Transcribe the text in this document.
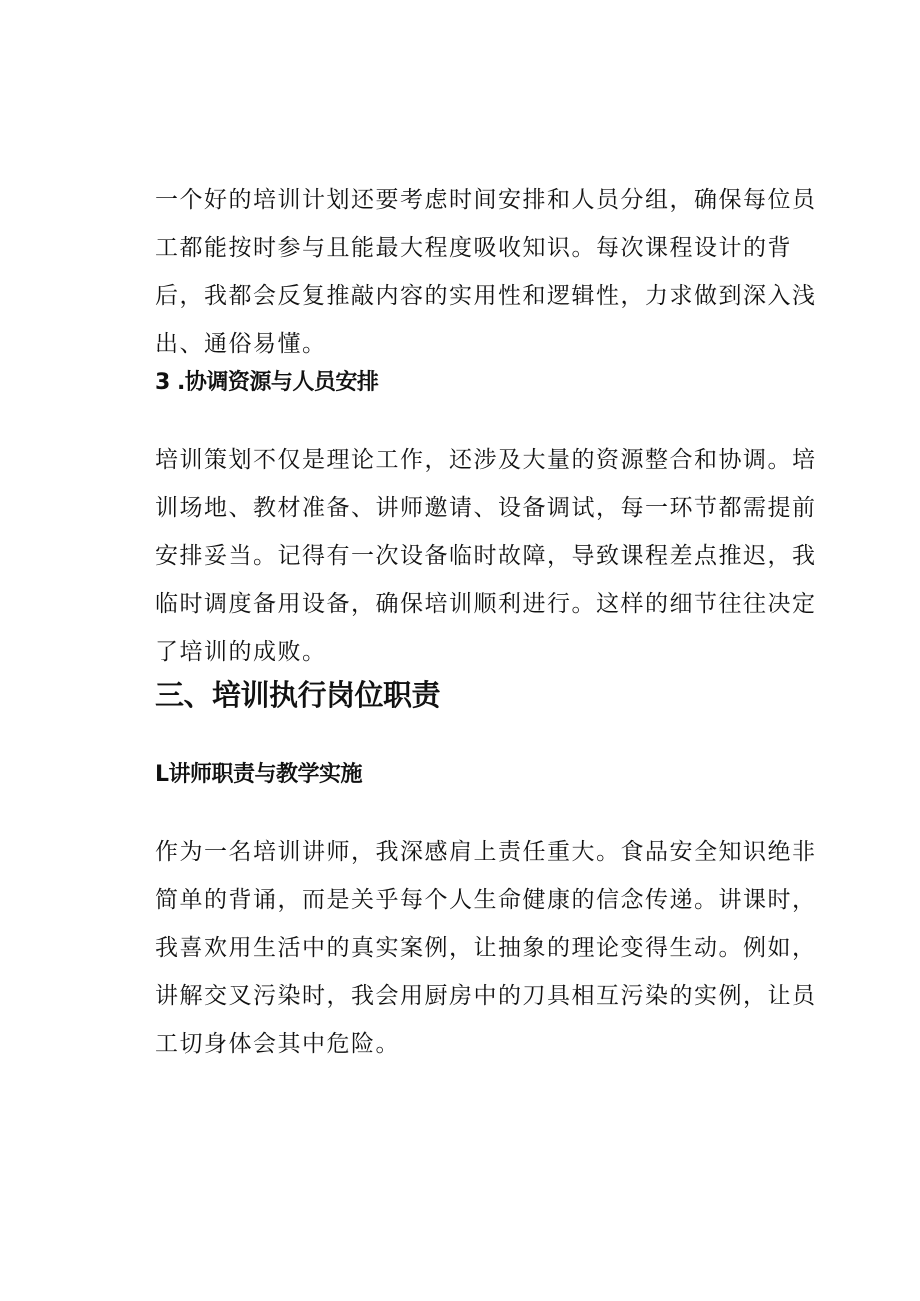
一个好的培训计划还要考虑时间安排和人员分组，确保每位员工都能按时参与且能最大程度吸收知识。每次课程设计的背后，我都会反复推敲内容的实用性和逻辑性，力求做到深入浅出、通俗易懂。

3 .协调资源与人员安排

培训策划不仅是理论工作，还涉及大量的资源整合和协调。培训场地、教材准备、讲师邀请、设备调试，每一环节都需提前安排妥当。记得有一次设备临时故障，导致课程差点推迟，我临时调度备用设备，确保培训顺利进行。这样的细节往往决定了培训的成败。

三、培训执行岗位职责
L讲师职责与教学实施

作为一名培训讲师，我深感肩上责任重大。食品安全知识绝非简单的背诵，而是关乎每个人生命健康的信念传递。讲课时，我喜欢用生活中的真实案例，让抽象的理论变得生动。例如，讲解交叉污染时，我会用厨房中的刀具相互污染的实例，让员工切身体会其中危险。
